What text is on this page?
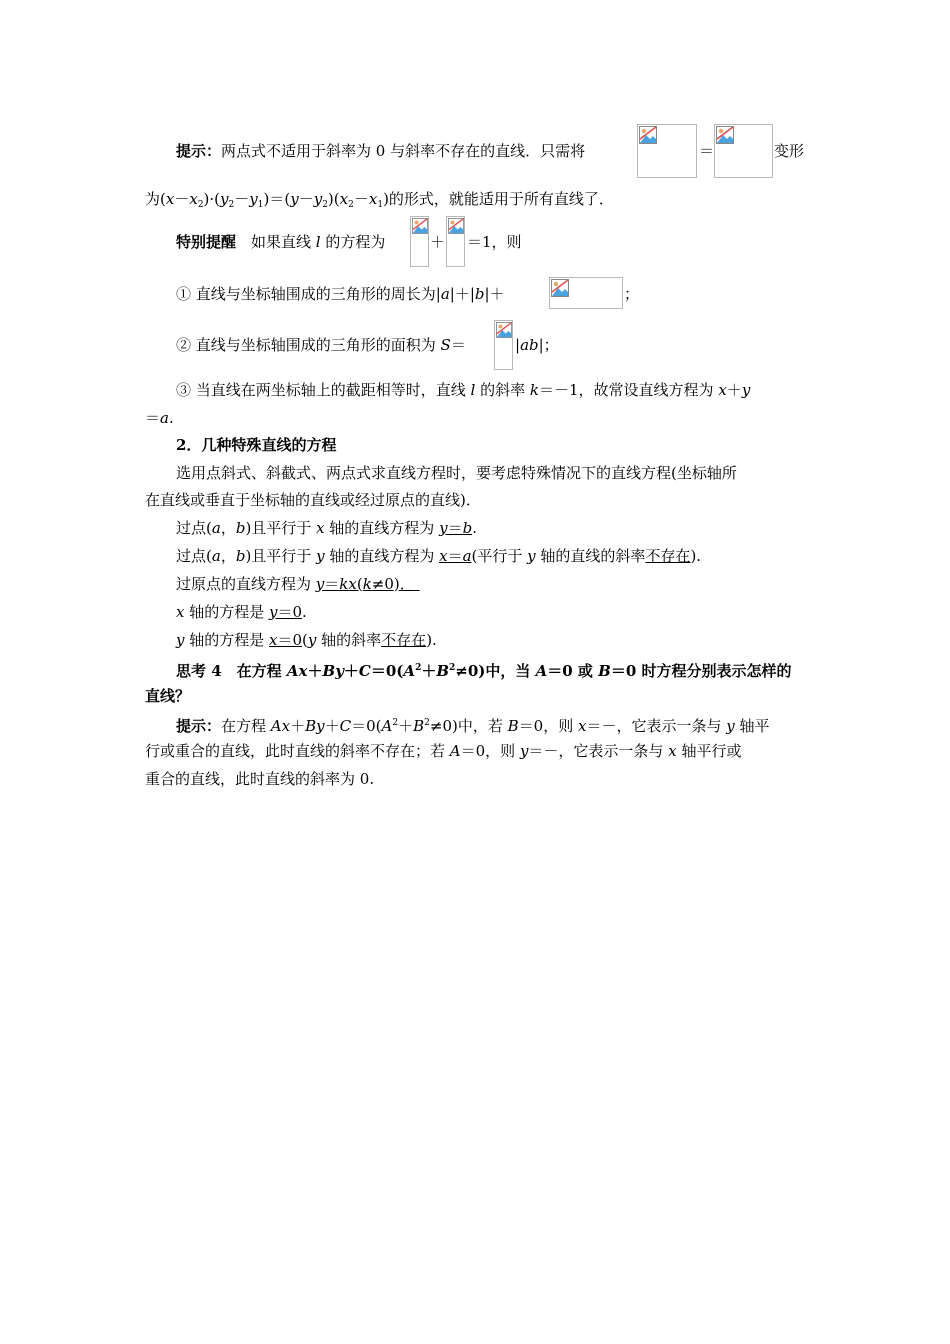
提示：两点式不适用于斜率为 0 与斜率不存在的直线．只需将	＝	变形
为$(x-x_2)\cdot(y_2-y_1)=(y-y_2)(x_2-x_1)$的形式，就能适用于所有直线了．
特别提醒　如果直线 l 的方程为	＋ ＝1，则
① 直线与坐标轴围成的三角形的周长为|a|＋|b|＋	；
② 直线与坐标轴围成的三角形的面积为 S＝	|ab|；
③ 当直线在两坐标轴上的截距相等时，直线 l 的斜率 k＝－1，故常设直线方程为 x＋y
＝a.
2．几种特殊直线的方程
选用点斜式、斜截式、两点式求直线方程时，要考虑特殊情况下的直线方程(坐标轴所
在直线或垂直于坐标轴的直线或经过原点的直线)．
过点(a，b)且平行于 x 轴的直线方程为 y＝b.
过点(a，b)且平行于 y 轴的直线方程为 x＝a(平行于 y 轴的直线的斜率不存在).
过原点的直线方程为 y＝kx(k≠0)．
x 轴的方程是 y＝0.
y 轴的方程是 x＝0(y 轴的斜率不存在).
思考 4　在方程 $Ax+By+C=0(A^2+B^2\ne 0)$中，当 A＝0 或 B＝0 时方程分别表示怎样的
直线？
提示：在方程 $Ax+By+C=0(A^2+B^2\ne 0)$中，若 B＝0，则 x＝－，它表示一条与 y 轴平
行或重合的直线，此时直线的斜率不存在；若 A＝0，则 y＝－，它表示一条与 x 轴平行或
重合的直线，此时直线的斜率为 0.
